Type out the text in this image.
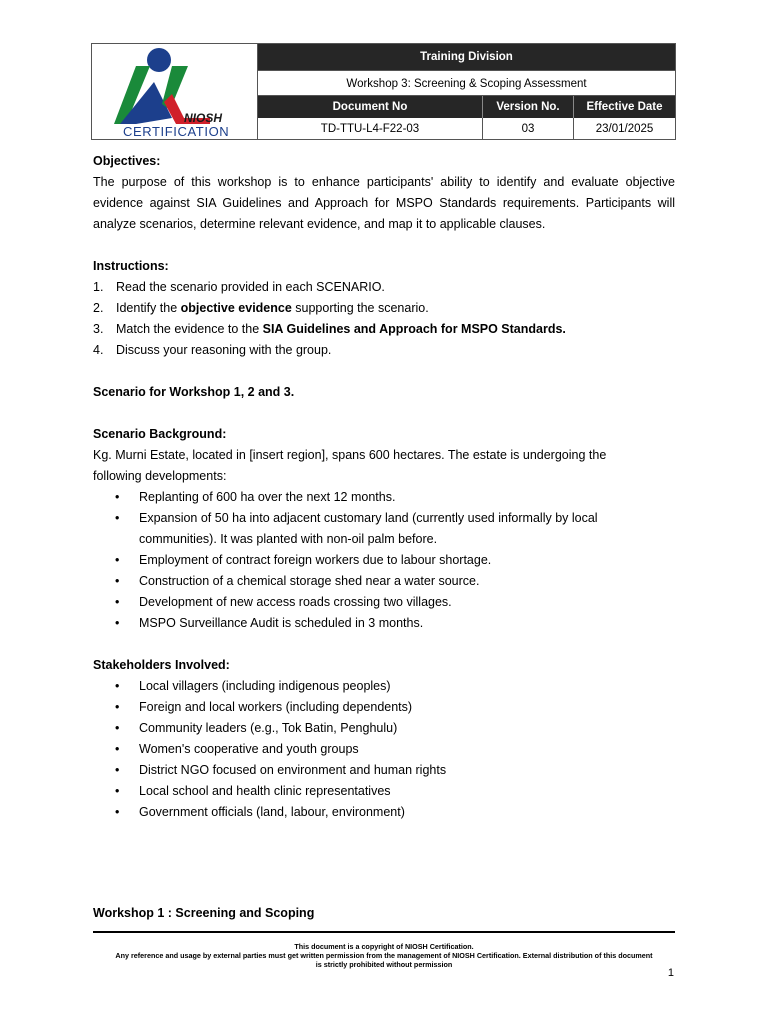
NIOSH
CERTIFICATION
Training Division
Workshop 3: Screening & Scoping Assessment
Document No	Version No.	Effective Date
TD-TTU-L4-F22-03	03	23/01/2025

Objectives:

The purpose of this workshop is to enhance participants' ability to identify and evaluate objective evidence against SIA Guidelines and Approach for MSPO Standards requirements. Participants will analyze scenarios, determine relevant evidence, and map it to applicable clauses.

Instructions:

1. Read the scenario provided in each SCENARIO.
2. Identify the objective evidence supporting the scenario.
3. Match the evidence to the SIA Guidelines and Approach for MSPO Standards.
4. Discuss your reasoning with the group.

Scenario for Workshop 1, 2 and 3.

Scenario Background:

Kg. Murni Estate, located in [insert region], spans 600 hectares. The estate is undergoing the

following developments:

• Replanting of 600 ha over the next 12 months.
• Expansion of 50 ha into adjacent customary land (currently used informally by local
communities). It was planted with non-oil palm before.
• Employment of contract foreign workers due to labour shortage.
• Construction of a chemical storage shed near a water source.
• Development of new access roads crossing two villages.
• MSPO Surveillance Audit is scheduled in 3 months.

Stakeholders Involved:

• Local villagers (including indigenous peoples)
• Foreign and local workers (including dependents)
• Community leaders (e.g., Tok Batin, Penghulu)
• Women's cooperative and youth groups
• District NGO focused on environment and human rights
• Local school and health clinic representatives
• Government officials (land, labour, environment)
Workshop 1 : Screening and Scoping
This document is a copyright of NIOSH Certification.
Any reference and usage by external parties must get written permission from the management of NIOSH Certification. External distribution of this document
is strictly prohibited without permission
1
